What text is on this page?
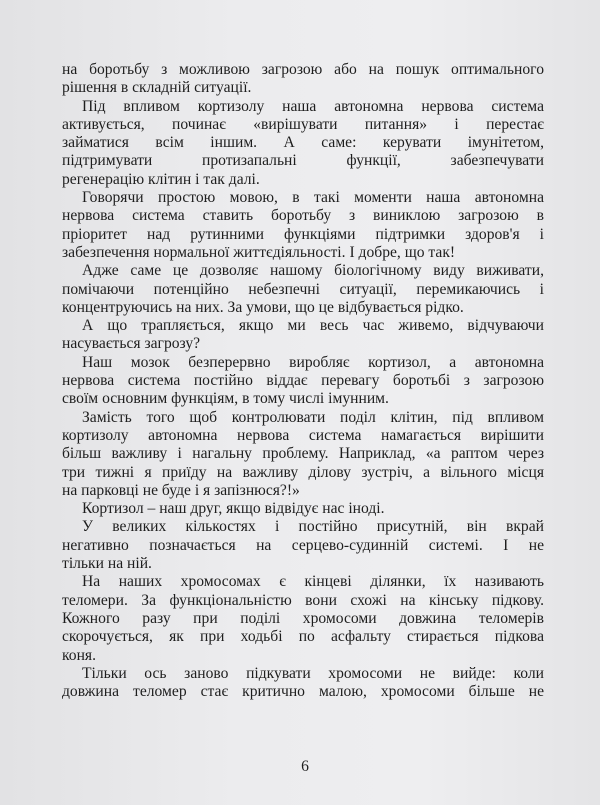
на боротьбу з можливою загрозою або на пошук оптимального
рішення в складній ситуації.
Під впливом кортизолу наша автономна нервова система
активується, починає «вирішувати питання» і перестає
займатися всім іншим. А саме: керувати імунітетом,
підтримувати протизапальні функції, забезпечувати
регенерацію клітин і так далі.
Говорячи простою мовою, в такі моменти наша автономна
нервова система ставить боротьбу з виниклою загрозою в
пріоритет над рутинними функціями підтримки здоров'я і
забезпечення нормальної життєдіяльності. І добре, що так!
Адже саме це дозволяє нашому біологічному виду виживати,
помічаючи потенційно небезпечні ситуації, перемикаючись і
концентруючись на них. За умови, що це відбувається рідко.
А що трапляється, якщо ми весь час живемо, відчуваючи
насувається загрозу?
Наш мозок безперервно виробляє кортизол, а автономна
нервова система постійно віддає перевагу боротьбі з загрозою
своїм основним функціям, в тому числі імунним.
Замість того щоб контролювати поділ клітин, під впливом
кортизолу автономна нервова система намагається вирішити
більш важливу і нагальну проблему. Наприклад, «а раптом через
три тижні я приїду на важливу ділову зустріч, а вільного місця
на парковці не буде і я запізнюся?!»
Кортизол – наш друг, якщо відвідує нас іноді.
У великих кількостях і постійно присутній, він вкрай
негативно позначається на серцево-судинній системі. І не
тільки на ній.
На наших хромосомах є кінцеві ділянки, їх називають
теломери. За функціональністю вони схожі на кінську підкову.
Кожного разу при поділі хромосоми довжина теломерів
скорочується, як при ходьбі по асфальту стирається підкова
коня.
Тільки ось заново підкувати хромосоми не вийде: коли
довжина теломер стає критично малою, хромосоми більше не
6
